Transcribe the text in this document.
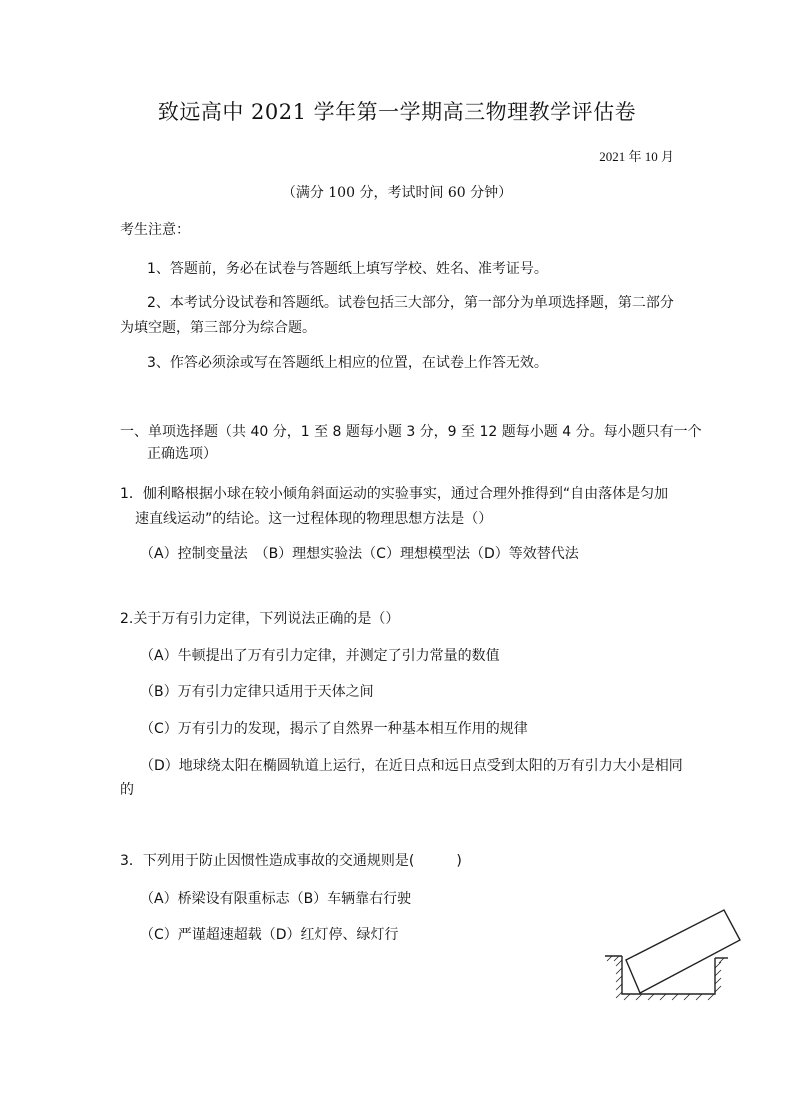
致远高中 2021 学年第一学期高三物理教学评估卷
2021 年 10 月
（满分 100 分，考试时间 60 分钟）
考生注意：
1、答题前，务必在试卷与答题纸上填写学校、姓名、准考证号。
2、本考试分设试卷和答题纸。试卷包括三大部分，第一部分为单项选择题，第二部分
为填空题，第三部分为综合题。
3、作答必须涂或写在答题纸上相应的位置，在试卷上作答无效。
一、单项选择题（共 40 分，1 至 8 题每小题 3 分，9 至 12 题每小题 4 分。每小题只有一个
正确选项）
1．伽利略根据小球在较小倾角斜面运动的实验事实，通过合理外推得到“自由落体是匀加
速直线运动”的结论。这一过程体现的物理思想方法是（）
（A）控制变量法　（B）理想实验法（C）理想模型法（D）等效替代法
2.关于万有引力定律，下列说法正确的是（）
（A）牛顿提出了万有引力定律，并测定了引力常量的数值
（B）万有引力定律只适用于天体之间
（C）万有引力的发现，揭示了自然界一种基本相互作用的规律
（D）地球绕太阳在椭圆轨道上运行，在近日点和远日点受到太阳的万有引力大小是相同
的
3．下列用于防止因惯性造成事故的交通规则是(　　　)
（A）桥梁设有限重标志（B）车辆靠右行驶
（C）严谨超速超载（D）红灯停、绿灯行
